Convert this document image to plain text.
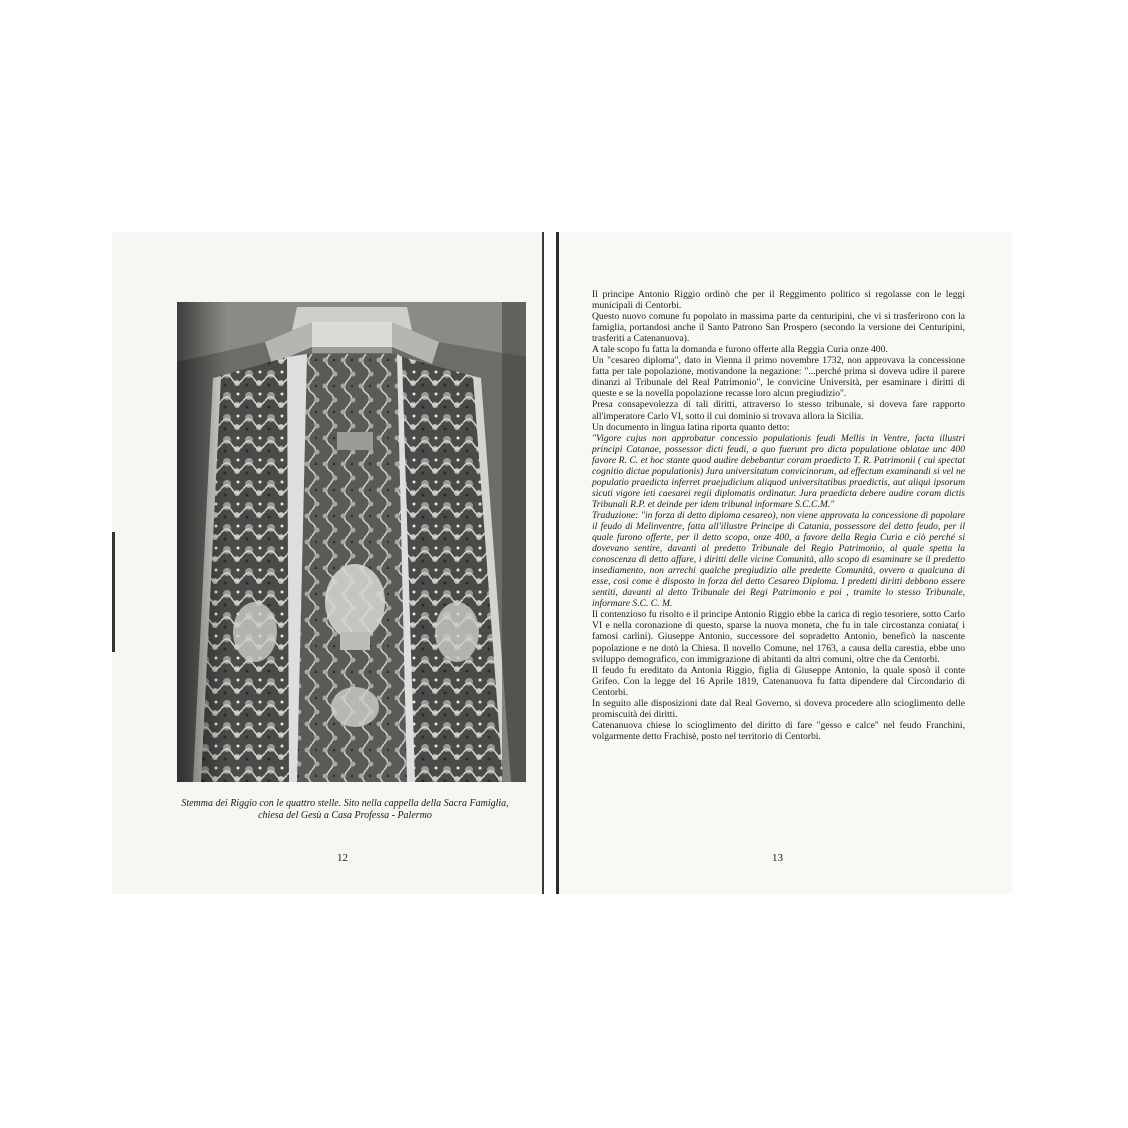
Stemma dei Riggio con le quattro stelle. Sito nella cappella della Sacra Famiglia,
chiesa del Gesù a Casa Professa - Palermo
12

Il principe Antonio Riggio ordinò che per il Reggimento politico si regolasse con le leggi municipali di Centorbi.

Questo nuovo comune fu popolato in massima parte da centuripini, che vi si trasferirono con la famiglia, portandosi anche il Santo Patrono San Prospero (secondo la versione dei Centuripini, trasferiti a Catenanuova).

A tale scopo fu fatta la domanda e furono offerte alla Reggia Curia onze 400.

Un "cesareo diploma", dato in Vienna il primo novembre 1732, non approvava la concessione fatta per tale popolazione, motivandone la negazione: "...perché prima si doveva udire il parere dinanzi al Tribunale del Real Patrimonio", le convicine Università, per esaminare i diritti di queste e se la novella popolazione recasse loro alcun pregiudizio".

Presa consapevolezza di tali diritti, attraverso lo stesso tribunale, si doveva fare rapporto all'imperatore Carlo VI, sotto il cui dominio si trovava allora la Sicilia.

Un documento in lingua latina riporta quanto detto:

"Vigore cujus non approbatur concessio populationis feudi Mellis in Ventre, facta illustri principi Catanae, possessor dicti feudi, a quo fuerunt pro dicta populatione oblatae unc 400 favore R. C. et hoc stante quod audire debebantur coram praedicto T. R. Patrimonii ( cui spectat cognitio dictae populationis) Jura universitatum convicinorum, ad effectum examinandi si vel ne populatio praedicta inferret praejudicium aliquod universitatibus praedictis, aut aliqui ipsorum sicuti vigore ieti caesarei regii diplomatis ordinatur. Jura praedicta debere audire coram dictis Tribunali R.P. et deinde per idem tribunal informare S.C.C.M."

Traduzione: "in forza di detto diploma cesareo), non viene approvata la concessione di popolare il feudo di Melinventre, fatta all'illustre Principe di Catania, possessore del detto feudo, per il quale furono offerte, per il detto scopo, onze 400, a favore della Regia Curia e ciò perché si dovevano sentire, davanti al predetto Tribunale del Regio Patrimonio, al quale spetta la conoscenza di detto affare, i diritti delle vicine Comunità, allo scopo di esaminare se il predetto insediamento, non arrechi qualche pregiudizio alle predette Comunità, ovvero a qualcuna di esse, così come è disposto in forza del detto Cesareo Diploma. I predetti diritti debbono essere sentiti, davanti al detto Tribunale dei Regi Patrimonio e poi , tramite lo stesso Tribunale, informare S.C. C. M.

Il contenzioso fu risolto e il principe Antonio Riggio ebbe la carica di regio tesoriere, sotto Carlo VI e nella coronazione di questo, sparse la nuova moneta, che fu in tale circostanza coniata( i famosi carlini). Giuseppe Antonio, successore del sopradetto Antonio, beneficò la nascente popolazione e ne dotò la Chiesa. Il novello Comune, nel 1763, a causa della carestia, ebbe uno sviluppo demografico, con immigrazione di abitanti da altri comuni, oltre che da Centorbi.

Il feudo fu ereditato da Antonia Riggio, figlia di Giuseppe Antonio, la quale sposò il conte Grifeo. Con la legge del 16 Aprile 1819, Catenanuova fu fatta dipendere dal Circondario di Centorbi.

In seguito alle disposizioni date dal Real Governo, si doveva procedere allo scioglimento delle promiscuità dei diritti.

Catenanuova chiese lo scioglimento del diritto di fare "gesso e calce" nel feudo Franchini, volgarmente detto Frachisè, posto nel territorio di Centorbi.

13
